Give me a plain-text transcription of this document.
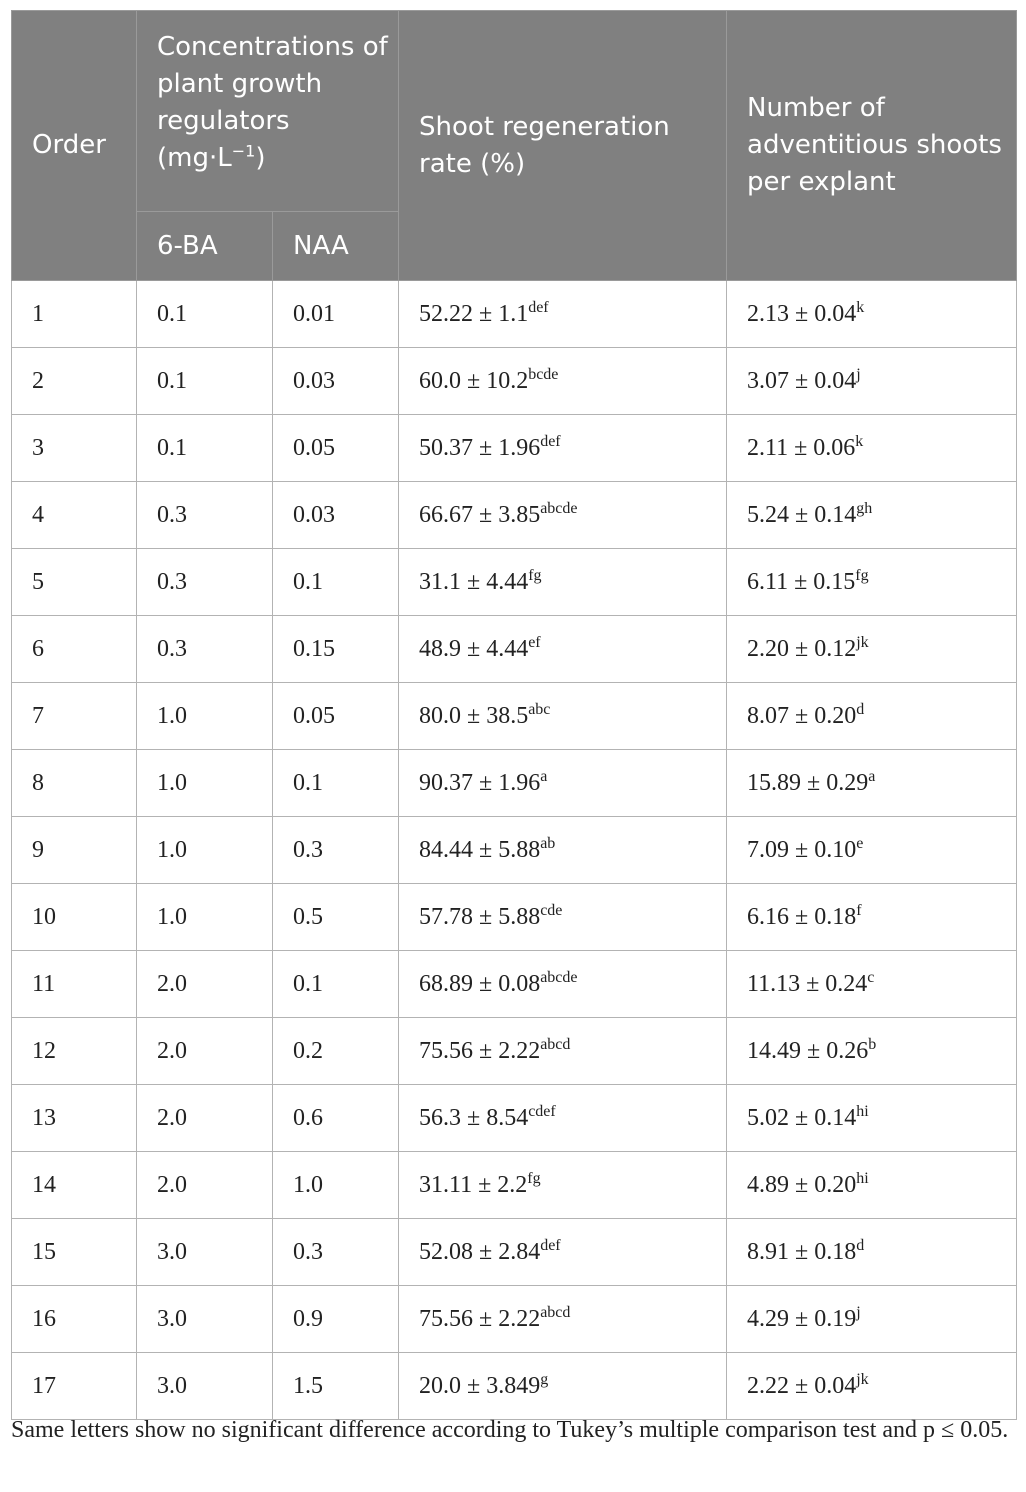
Order	Concentrations of plant growth regulators $(mg\cdot L^{-1})$		Shoot regeneration rate (%)	Number of adventitious shoots per explant
	6-BA	NAA		
1	0.1	0.01	52.22 ± 1.1$^{def}$	$2.13 \pm 0.04^k$
2	0.1	0.03	$60.0 \pm 10.2^{bcde}$	$3.07 \pm 0.04^j$
3	0.1	0.05	50.37 ± 1.96$^{def}$	$2.11 \pm 0.06^k$
4	0.3	0.03	$66.67 \pm 3.85^{abcde}$	5.24 ± 0.14$^{gh}$
5	0.3	0.1	31.1 ± 4.44$^{fg}$	6.11 ± 0.15$^{fg}$
6	0.3	0.15	48.9 ± 4.44$^{ef}$	$2.20 \pm 0.12^{jk}$
7	1.0	0.05	80.0 ± 38.5$^{abc}$	8.07 ± 0.20$^d$
8	1.0	0.1	90.37 ± 1.96$^a$	15.89 ± 0.29$^a$
9	1.0	0.3	84.44 ± 5.88$^{ab}$	7.09 ± 0.10$^e$
10	1.0	0.5	57.78 ± 5.88$^{cde}$	6.16 ± 0.18$^f$
11	2.0	0.1	$68.89 \pm 0.08^{abcde}$	11.13 ± 0.24$^c$
12	2.0	0.2	$75.56 \pm 2.22^{abcd}$	14.49 ± 0.26$^b$
13	2.0	0.6	$56.3 \pm 8.54^{cdef}$	$5.02 \pm 0.14^{hi}$
14	2.0	1.0	31.11 ± 2.2$^{fg}$	$4.89 \pm 0.20^{hi}$
15	3.0	0.3	52.08 ± 2.84$^{def}$	8.91 ± 0.18$^d$
16	3.0	0.9	$75.56 \pm 2.22^{abcd}$	$4.29 \pm 0.19^j$
17	3.0	1.5	20.0 ± 3.849$^g$	$2.22 \pm 0.04^{jk}$
Same letters show no significant difference according to Tukey’s multiple comparison test and p ≤ 0.05.
